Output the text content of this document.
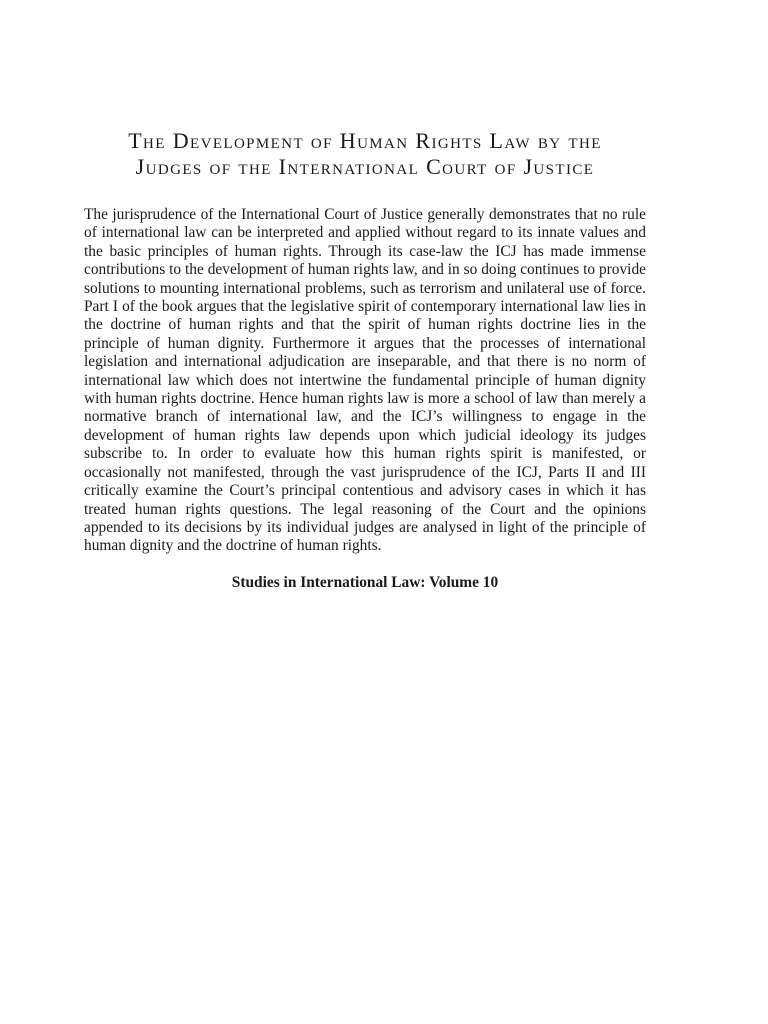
The Development of Human Rights Law by the
Judges of the International Court of Justice

The jurisprudence of the International Court of Justice generally demonstrates that no rule of international law can be interpreted and applied without regard to its innate values and the basic principles of human rights. Through its case-law the ICJ has made immense contributions to the development of human rights law, and in so doing continues to provide solutions to mounting international problems, such as terrorism and unilateral use of force. Part I of the book argues that the legislative spirit of contemporary international law lies in the doctrine of human rights and that the spirit of human rights doctrine lies in the principle of human dignity. Furthermore it argues that the processes of international legislation and international adjudication are inseparable, and that there is no norm of international law which does not intertwine the fundamental principle of human dignity with human rights doctrine. Hence human rights law is more a school of law than merely a normative branch of international law, and the ICJ’s willingness to engage in the development of human rights law depends upon which judicial ideology its judges subscribe to. In order to evaluate how this human rights spirit is manifested, or occasionally not manifested, through the vast jurisprudence of the ICJ, Parts II and III critically examine the Court’s principal contentious and advisory cases in which it has treated human rights questions. The legal reasoning of the Court and the opinions appended to its decisions by its individual judges are analysed in light of the principle of human dignity and the doctrine of human rights.

Studies in International Law: Volume 10
